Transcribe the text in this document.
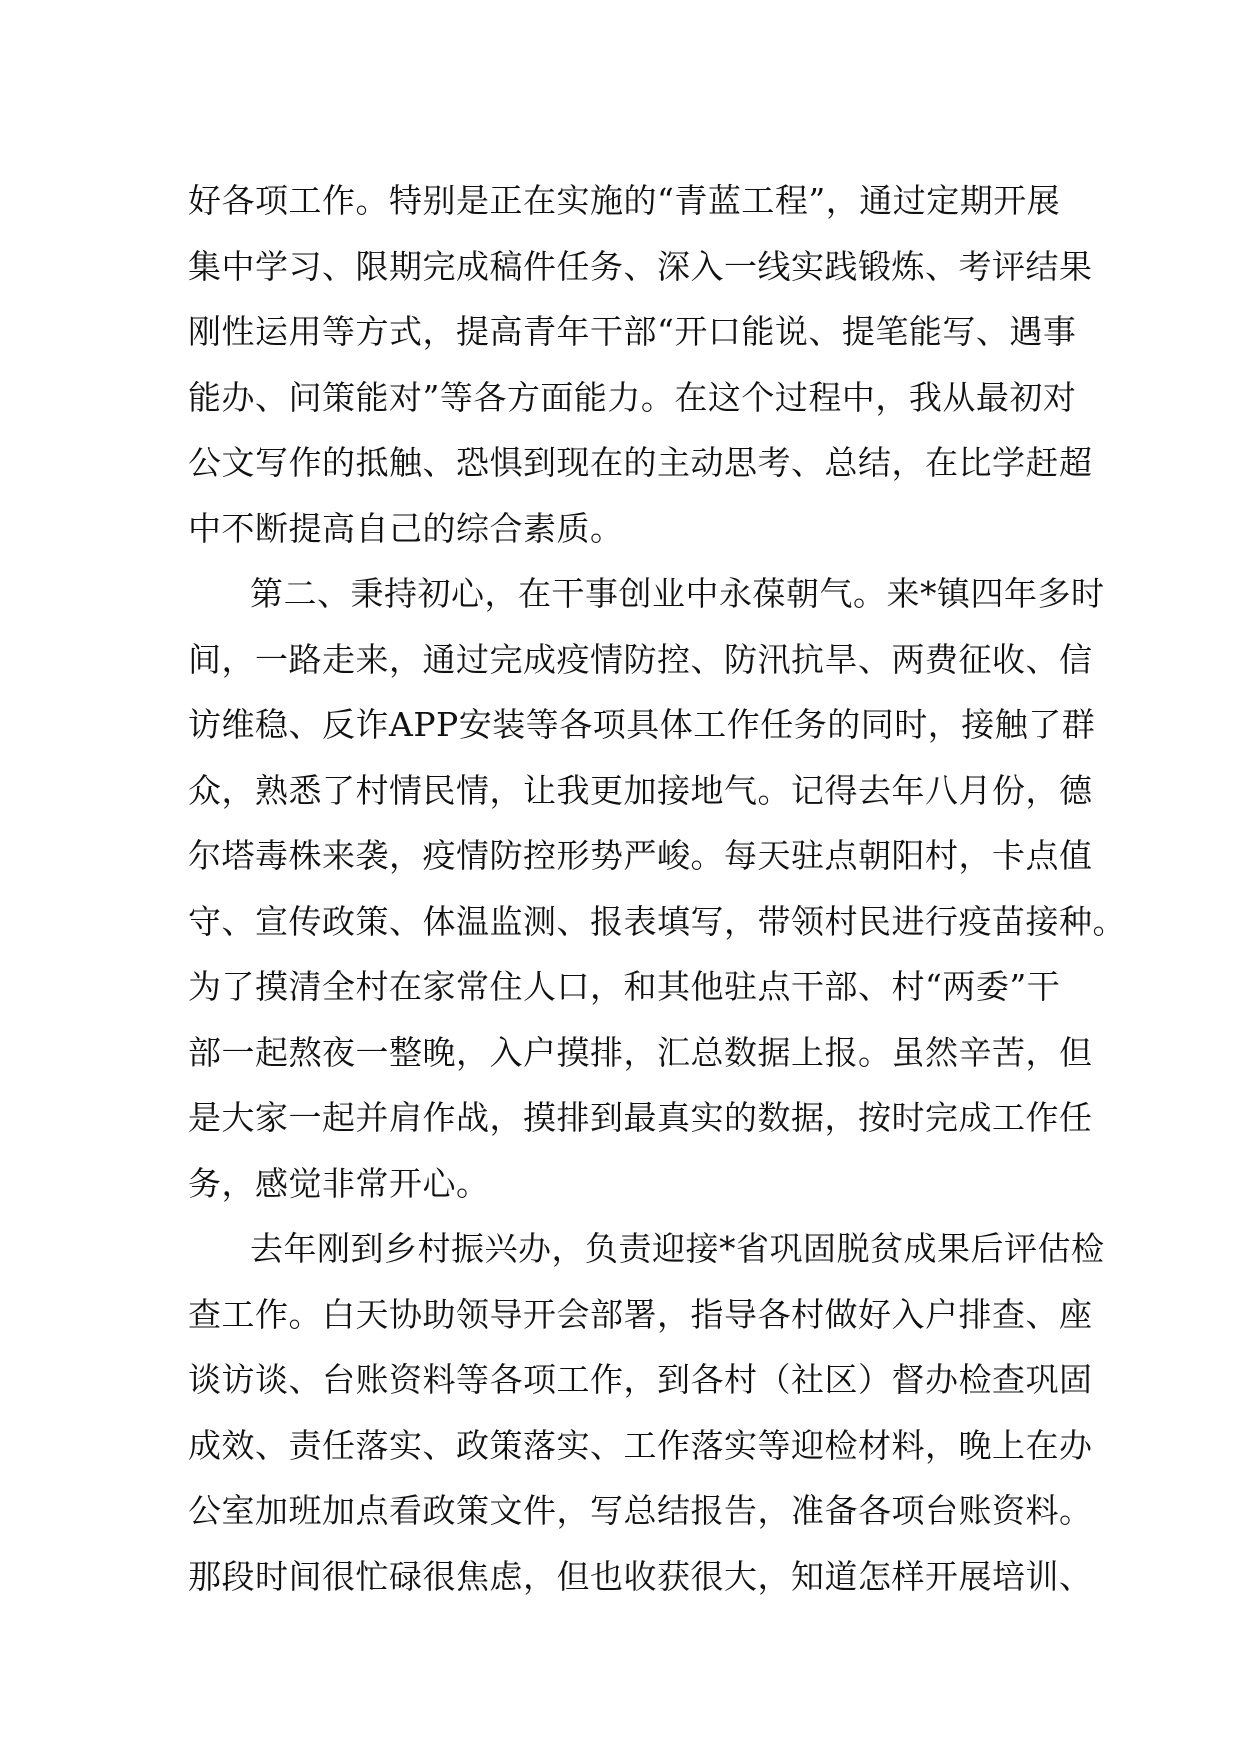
好各项工作。特别是正在实施的“青蓝工程”，通过定期开展
集中学习、限期完成稿件任务、深入一线实践锻炼、考评结果
刚性运用等方式，提高青年干部“开口能说、提笔能写、遇事
能办、问策能对”等各方面能力。在这个过程中，我从最初对
公文写作的抵触、恐惧到现在的主动思考、总结，在比学赶超
中不断提高自己的综合素质。
第二、秉持初心，在干事创业中永葆朝气。来*镇四年多时
间，一路走来，通过完成疫情防控、防汛抗旱、两费征收、信
访维稳、反诈APP安装等各项具体工作任务的同时，接触了群
众，熟悉了村情民情，让我更加接地气。记得去年八月份，德
尔塔毒株来袭，疫情防控形势严峻。每天驻点朝阳村，卡点值
守、宣传政策、体温监测、报表填写，带领村民进行疫苗接种。
为了摸清全村在家常住人口，和其他驻点干部、村“两委”干
部一起熬夜一整晚，入户摸排，汇总数据上报。虽然辛苦，但
是大家一起并肩作战，摸排到最真实的数据，按时完成工作任
务，感觉非常开心。
去年刚到乡村振兴办，负责迎接*省巩固脱贫成果后评估检
查工作。白天协助领导开会部署，指导各村做好入户排查、座
谈访谈、台账资料等各项工作，到各村（社区）督办检查巩固
成效、责任落实、政策落实、工作落实等迎检材料，晚上在办
公室加班加点看政策文件，写总结报告，准备各项台账资料。
那段时间很忙碌很焦虑，但也收获很大，知道怎样开展培训、
